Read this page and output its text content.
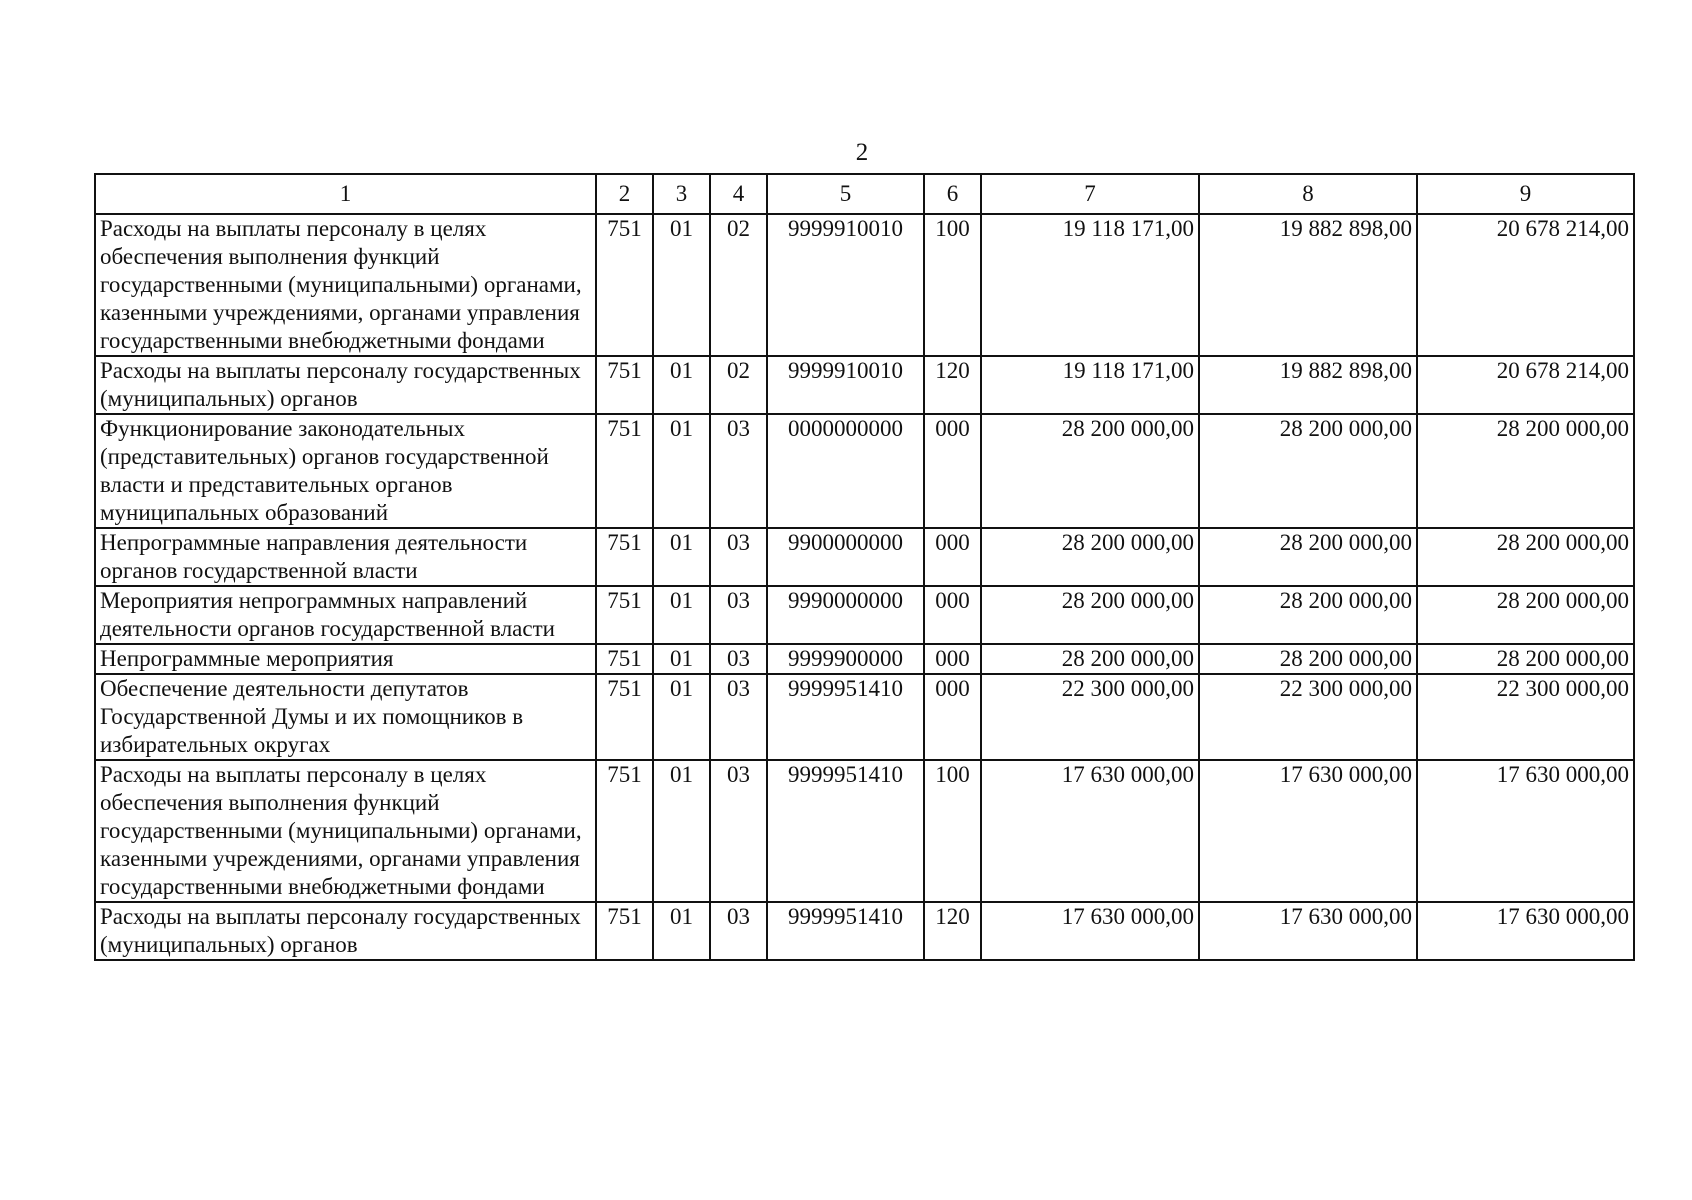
2
1	2	3	4	5	6	7	8	9
Расходы на выплаты персоналу в целях обеспечения выполнения функций государственными (муниципальными) органами, казенными учреждениями, органами управления государственными внебюджетными фондами	751	01	02	9999910010	100	19 118 171,00	19 882 898,00	20 678 214,00
Расходы на выплаты персоналу государственных (муниципальных) органов	751	01	02	9999910010	120	19 118 171,00	19 882 898,00	20 678 214,00
Функционирование законодательных (представительных) органов государственной власти и представительных органов муниципальных образований	751	01	03	0000000000	000	28 200 000,00	28 200 000,00	28 200 000,00
Непрограммные направления деятельности органов государственной власти	751	01	03	9900000000	000	28 200 000,00	28 200 000,00	28 200 000,00
Мероприятия непрограммных направлений деятельности органов государственной власти	751	01	03	9990000000	000	28 200 000,00	28 200 000,00	28 200 000,00
Непрограммные мероприятия	751	01	03	9999900000	000	28 200 000,00	28 200 000,00	28 200 000,00
Обеспечение деятельности депутатов Государственной Думы и их помощников в избирательных округах	751	01	03	9999951410	000	22 300 000,00	22 300 000,00	22 300 000,00
Расходы на выплаты персоналу в целях обеспечения выполнения функций государственными (муниципальными) органами, казенными учреждениями, органами управления государственными внебюджетными фондами	751	01	03	9999951410	100	17 630 000,00	17 630 000,00	17 630 000,00
Расходы на выплаты персоналу государственных (муниципальных) органов	751	01	03	9999951410	120	17 630 000,00	17 630 000,00	17 630 000,00
